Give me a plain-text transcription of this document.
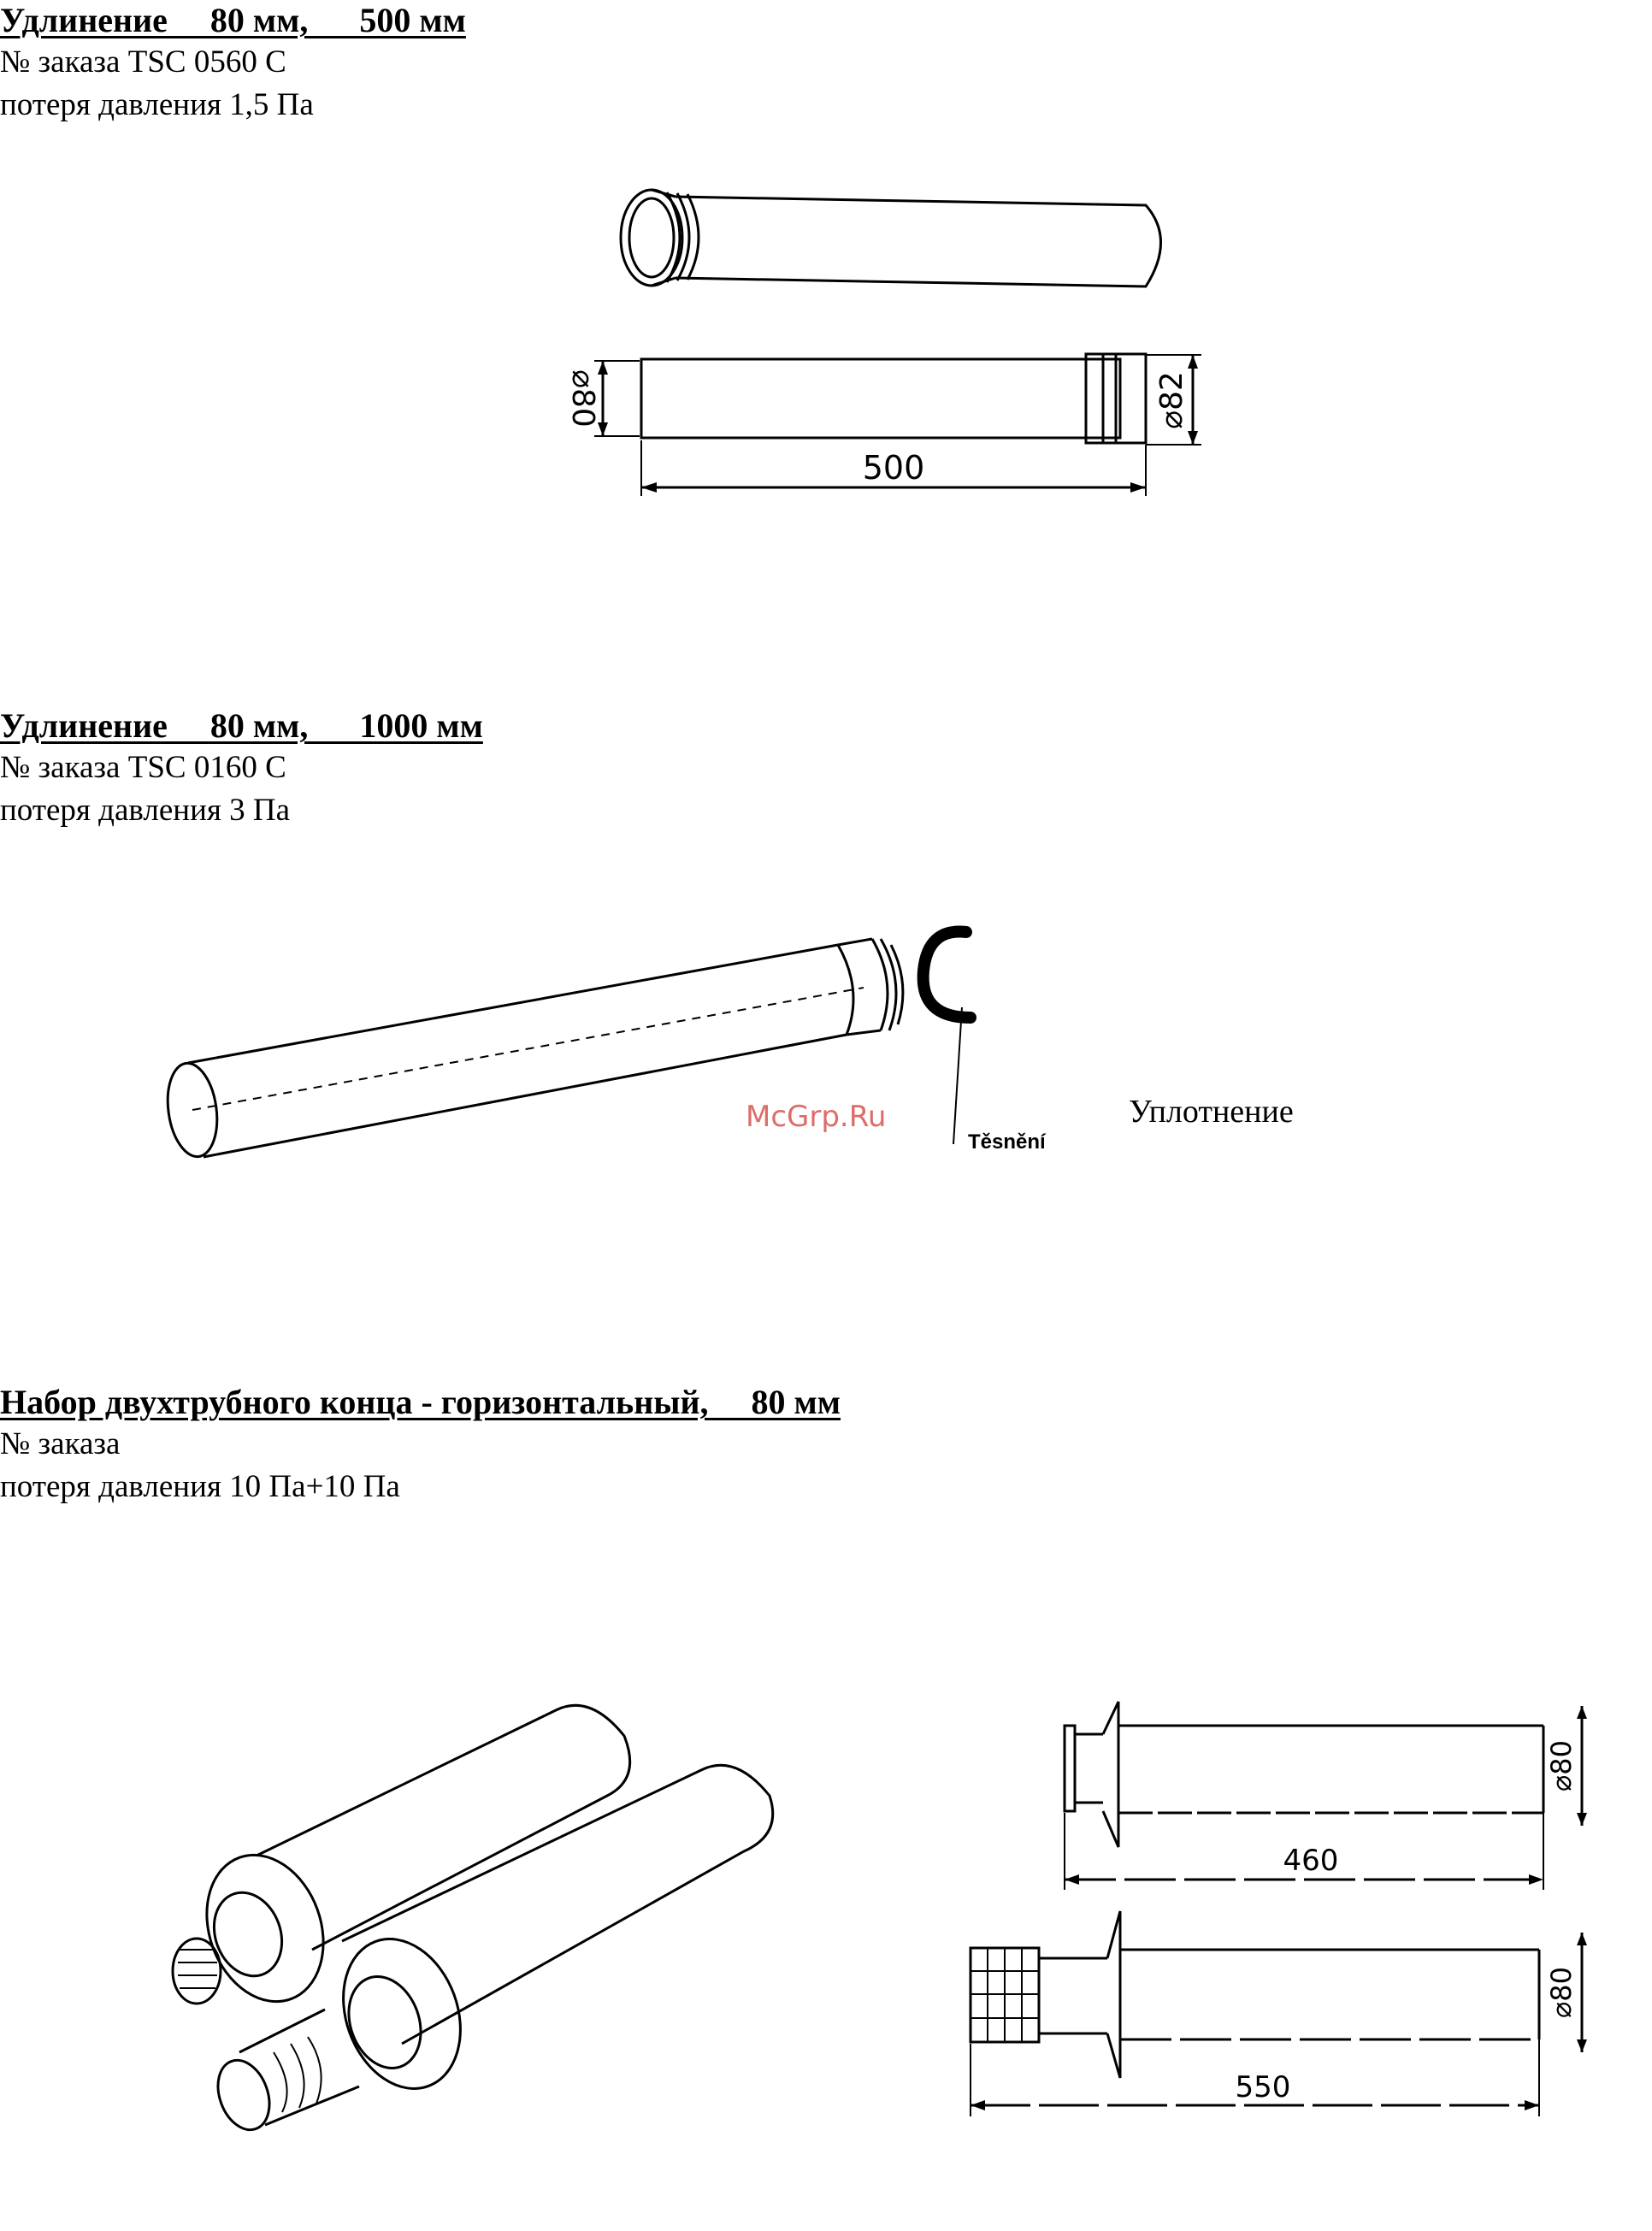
Удлинение     80 мм,      500 мм

№ заказа TSC 0560 C

потеря давления 1,5 Па

⌀80	⌀82
500

Удлинение     80 мм,      1000 мм

№ заказа TSC 0160 C

потеря давления 3 Па

McGrp.Ru

Těsnění

Уплотнение

Набор двухтрубного конца - горизонтальный,     80 мм

№ заказа

потеря давления 10 Па+10 Па

460
⌀80
550
⌀80
